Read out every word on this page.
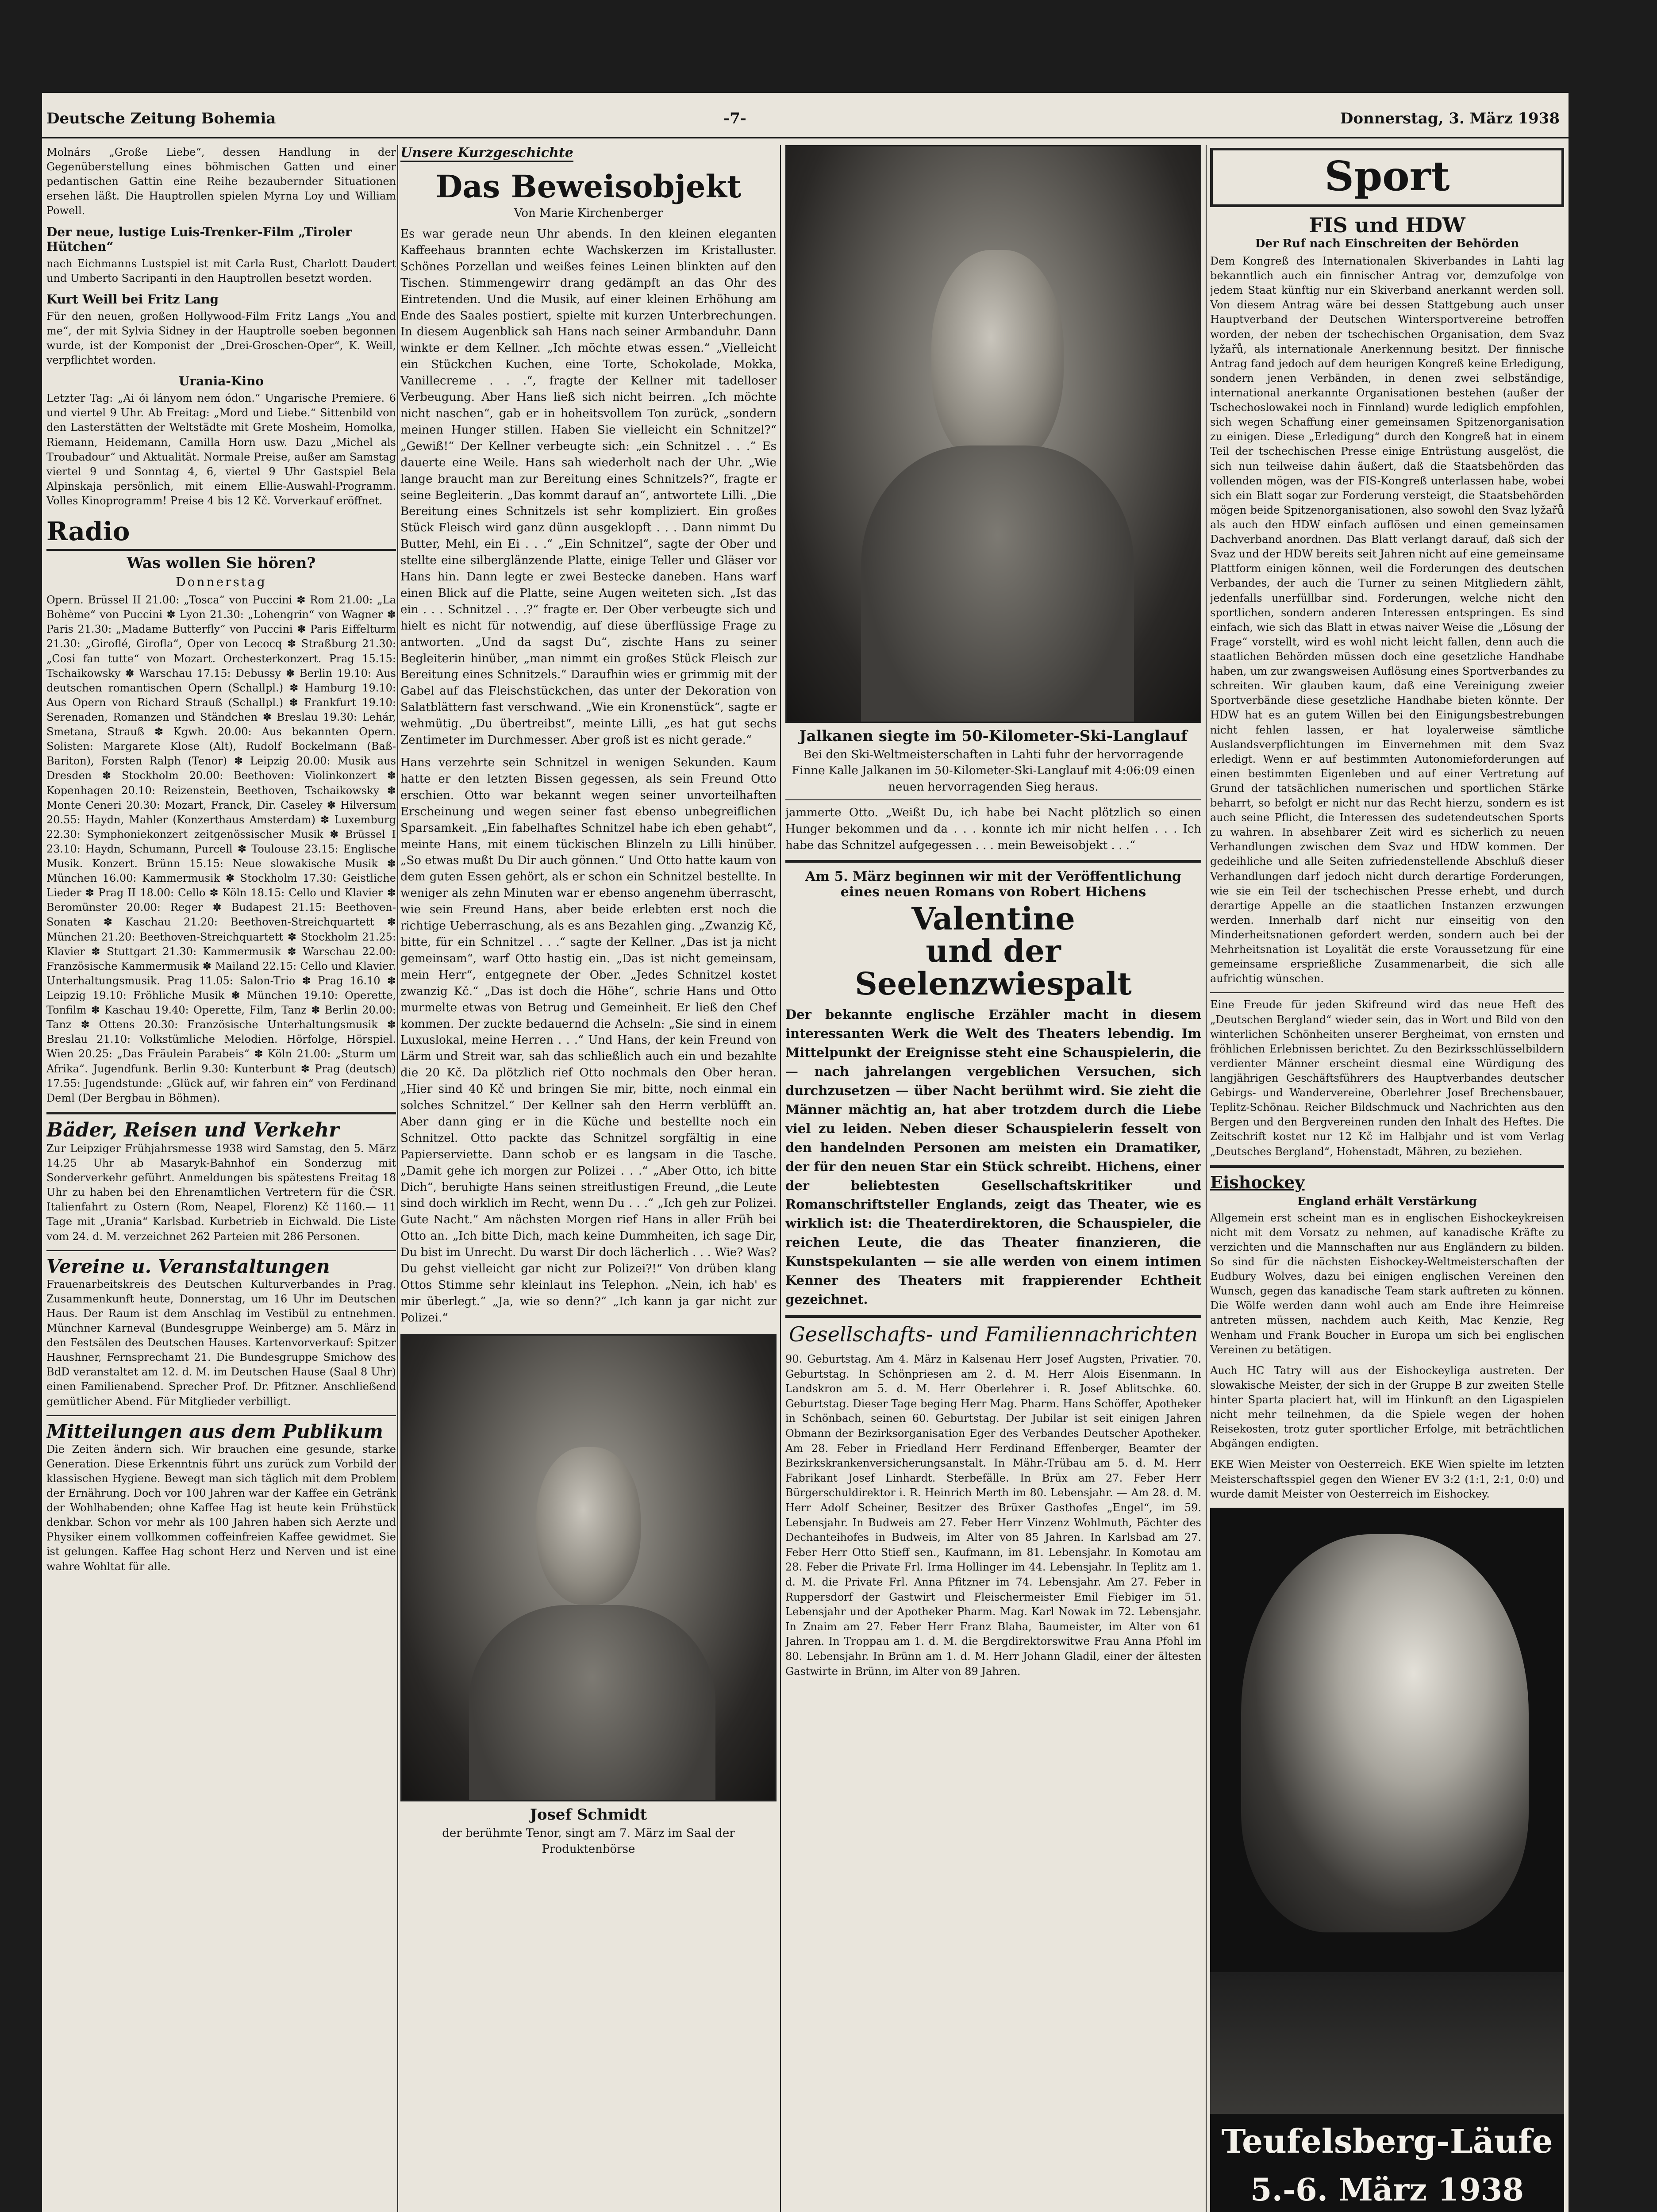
Deutsche Zeitung Bohemia	-7-	Donnerstag, 3. März 1938

Molnárs „Große Liebe“, dessen Handlung in der Gegenüberstellung eines böhmischen Gatten und einer pedantischen Gattin eine Reihe bezaubernder Situationen ersehen läßt. Die Hauptrollen spielen Myrna Loy und William Powell.

Der neue, lustige Luis-Trenker-Film „Tiroler Hütchen“

nach Eichmanns Lustspiel ist mit Carla Rust, Charlott Daudert und Umberto Sacripanti in den Hauptrollen besetzt worden.

Kurt Weill bei Fritz Lang

Für den neuen, großen Hollywood-Film Fritz Langs „You and me“, der mit Sylvia Sidney in der Hauptrolle soeben begonnen wurde, ist der Komponist der „Drei-Groschen-Oper“, K. Weill, verpflichtet worden.

Urania-Kino

Letzter Tag: „Ai ói lányom nem ódon.“ Ungarische Premiere. 6 und viertel 9 Uhr. Ab Freitag: „Mord und Liebe.“ Sittenbild von den Lasterstätten der Weltstädte mit Grete Mosheim, Homolka, Riemann, Heidemann, Camilla Horn usw. Dazu „Michel als Troubadour“ und Aktualität. Normale Preise, außer am Samstag viertel 9 und Sonntag 4, 6, viertel 9 Uhr Gastspiel Bela Alpinskaja persönlich, mit einem Ellie-Auswahl-Programm. Volles Kinoprogramm! Preise 4 bis 12 Kč. Vorverkauf eröffnet.

Radio
Was wollen Sie hören?
Donnerstag

Opern. Brüssel II 21.00: „Tosca“ von Puccini ✽ Rom 21.00: „La Bohème“ von Puccini ✽ Lyon 21.30: „Lohengrin“ von Wagner ✽ Paris 21.30: „Madame Butterfly“ von Puccini ✽ Paris Eiffelturm 21.30: „Giroflé, Girofla“, Oper von Lecocq ✽ Straßburg 21.30: „Cosi fan tutte“ von Mozart. Orchesterkonzert. Prag 15.15: Tschaikowsky ✽ Warschau 17.15: Debussy ✽ Berlin 19.10: Aus deutschen romantischen Opern (Schallpl.) ✽ Hamburg 19.10: Aus Opern von Richard Strauß (Schallpl.) ✽ Frankfurt 19.10: Serenaden, Romanzen und Ständchen ✽ Breslau 19.30: Lehár, Smetana, Strauß ✽ Kgwh. 20.00: Aus bekannten Opern. Solisten: Margarete Klose (Alt), Rudolf Bockelmann (Baß-Bariton), Forsten Ralph (Tenor) ✽ Leipzig 20.00: Musik aus Dresden ✽ Stockholm 20.00: Beethoven: Violinkonzert ✽ Kopenhagen 20.10: Reizenstein, Beethoven, Tschaikowsky ✽ Monte Ceneri 20.30: Mozart, Franck, Dir. Caseley ✽ Hilversum 20.55: Haydn, Mahler (Konzerthaus Amsterdam) ✽ Luxemburg 22.30: Symphoniekonzert zeitgenössischer Musik ✽ Brüssel I 23.10: Haydn, Schumann, Purcell ✽ Toulouse 23.15: Englische Musik. Konzert. Brünn 15.15: Neue slowakische Musik ✽ München 16.00: Kammermusik ✽ Stockholm 17.30: Geistliche Lieder ✽ Prag II 18.00: Cello ✽ Köln 18.15: Cello und Klavier ✽ Beromünster 20.00: Reger ✽ Budapest 21.15: Beethoven-Sonaten ✽ Kaschau 21.20: Beethoven-Streichquartett ✽ München 21.20: Beethoven-Streichquartett ✽ Stockholm 21.25: Klavier ✽ Stuttgart 21.30: Kammermusik ✽ Warschau 22.00: Französische Kammermusik ✽ Mailand 22.15: Cello und Klavier. Unterhaltungsmusik. Prag 11.05: Salon-Trio ✽ Prag 16.10 ✽ Leipzig 19.10: Fröhliche Musik ✽ München 19.10: Operette, Tonfilm ✽ Kaschau 19.40: Operette, Film, Tanz ✽ Berlin 20.00: Tanz ✽ Ottens 20.30: Französische Unterhaltungsmusik ✽ Breslau 21.10: Volkstümliche Melodien. Hörfolge, Hörspiel. Wien 20.25: „Das Fräulein Parabeis“ ✽ Köln 21.00: „Sturm um Afrika“. Jugendfunk. Berlin 9.30: Kunterbunt ✽ Prag (deutsch) 17.55: Jugendstunde: „Glück auf, wir fahren ein“ von Ferdinand Deml (Der Bergbau in Böhmen).

Bäder, Reisen und Verkehr

Zur Leipziger Frühjahrsmesse 1938 wird Samstag, den 5. März 14.25 Uhr ab Masaryk-Bahnhof ein Sonderzug mit Sonderverkehr geführt. Anmeldungen bis spätestens Freitag 18 Uhr zu haben bei den Ehrenamtlichen Vertretern für die ČSR. Italienfahrt zu Ostern (Rom, Neapel, Florenz) Kč 1160.— 11 Tage mit „Urania“ Karlsbad. Kurbetrieb in Eichwald. Die Liste vom 24. d. M. verzeichnet 262 Parteien mit 286 Personen.

Vereine u. Veranstaltungen

Frauenarbeitskreis des Deutschen Kulturverbandes in Prag. Zusammenkunft heute, Donnerstag, um 16 Uhr im Deutschen Haus. Der Raum ist dem Anschlag im Vestibül zu entnehmen. Münchner Karneval (Bundesgruppe Weinberge) am 5. März in den Festsälen des Deutschen Hauses. Kartenvorverkauf: Spitzer Haushner, Fernsprechamt 21. Die Bundesgruppe Smichow des BdD veranstaltet am 12. d. M. im Deutschen Hause (Saal 8 Uhr) einen Familienabend. Sprecher Prof. Dr. Pfitzner. Anschließend gemütlicher Abend. Für Mitglieder verbilligt.

Mitteilungen aus dem Publikum

Die Zeiten ändern sich. Wir brauchen eine gesunde, starke Generation. Diese Erkenntnis führt uns zurück zum Vorbild der klassischen Hygiene. Bewegt man sich täglich mit dem Problem der Ernährung. Doch vor 100 Jahren war der Kaffee ein Getränk der Wohlhabenden; ohne Kaffee Hag ist heute kein Frühstück denkbar. Schon vor mehr als 100 Jahren haben sich Aerzte und Physiker einem vollkommen coffeinfreien Kaffee gewidmet. Sie ist gelungen. Kaffee Hag schont Herz und Nerven und ist eine wahre Wohltat für alle.

Unsere Kurzgeschichte
Das Beweisobjekt
Von Marie Kirchenberger

Es war gerade neun Uhr abends. In den kleinen eleganten Kaffeehaus brannten echte Wachskerzen im Kristalluster. Schönes Porzellan und weißes feines Leinen blinkten auf den Tischen. Stimmengewirr drang gedämpft an das Ohr des Eintretenden. Und die Musik, auf einer kleinen Erhöhung am Ende des Saales postiert, spielte mit kurzen Unterbrechungen. In diesem Augenblick sah Hans nach seiner Armbanduhr. Dann winkte er dem Kellner. „Ich möchte etwas essen.“ „Vielleicht ein Stückchen Kuchen, eine Torte, Schokolade, Mokka, Vanillecreme . . .“, fragte der Kellner mit tadelloser Verbeugung. Aber Hans ließ sich nicht beirren. „Ich möchte nicht naschen“, gab er in hoheitsvollem Ton zurück, „sondern meinen Hunger stillen. Haben Sie vielleicht ein Schnitzel?“ „Gewiß!“ Der Kellner verbeugte sich: „ein Schnitzel . . .“ Es dauerte eine Weile. Hans sah wiederholt nach der Uhr. „Wie lange braucht man zur Bereitung eines Schnitzels?“, fragte er seine Begleiterin. „Das kommt darauf an“, antwortete Lilli. „Die Bereitung eines Schnitzels ist sehr kompliziert. Ein großes Stück Fleisch wird ganz dünn ausgeklopft . . . Dann nimmt Du Butter, Mehl, ein Ei . . .“ „Ein Schnitzel“, sagte der Ober und stellte eine silberglänzende Platte, einige Teller und Gläser vor Hans hin. Dann legte er zwei Bestecke daneben. Hans warf einen Blick auf die Platte, seine Augen weiteten sich. „Ist das ein . . . Schnitzel . . .?“ fragte er. Der Ober verbeugte sich und hielt es nicht für notwendig, auf diese überflüssige Frage zu antworten. „Und da sagst Du“, zischte Hans zu seiner Begleiterin hinüber, „man nimmt ein großes Stück Fleisch zur Bereitung eines Schnitzels.“ Daraufhin wies er grimmig mit der Gabel auf das Fleischstückchen, das unter der Dekoration von Salatblättern fast verschwand. „Wie ein Kronenstück“, sagte er wehmütig. „Du übertreibst“, meinte Lilli, „es hat gut sechs Zentimeter im Durchmesser. Aber groß ist es nicht gerade.“

Hans verzehrte sein Schnitzel in wenigen Sekunden. Kaum hatte er den letzten Bissen gegessen, als sein Freund Otto erschien. Otto war bekannt wegen seiner unvorteilhaften Erscheinung und wegen seiner fast ebenso unbegreiflichen Sparsamkeit. „Ein fabelhaftes Schnitzel habe ich eben gehabt“, meinte Hans, mit einem tückischen Blinzeln zu Lilli hinüber. „So etwas mußt Du Dir auch gönnen.“ Und Otto hatte kaum von dem guten Essen gehört, als er schon ein Schnitzel bestellte. In weniger als zehn Minuten war er ebenso angenehm überrascht, wie sein Freund Hans, aber beide erlebten erst noch die richtige Ueberraschung, als es ans Bezahlen ging. „Zwanzig Kč, bitte, für ein Schnitzel . . .“ sagte der Kellner. „Das ist ja nicht gemeinsam“, warf Otto hastig ein. „Das ist nicht gemeinsam, mein Herr“, entgegnete der Ober. „Jedes Schnitzel kostet zwanzig Kč.“ „Das ist doch die Höhe“, schrie Hans und Otto murmelte etwas von Betrug und Gemeinheit. Er ließ den Chef kommen. Der zuckte bedauernd die Achseln: „Sie sind in einem Luxuslokal, meine Herren . . .“ Und Hans, der kein Freund von Lärm und Streit war, sah das schließlich auch ein und bezahlte die 20 Kč. Da plötzlich rief Otto nochmals den Ober heran. „Hier sind 40 Kč und bringen Sie mir, bitte, noch einmal ein solches Schnitzel.“ Der Kellner sah den Herrn verblüfft an. Aber dann ging er in die Küche und bestellte noch ein Schnitzel. Otto packte das Schnitzel sorgfältig in eine Papierserviette. Dann schob er es langsam in die Tasche. „Damit gehe ich morgen zur Polizei . . .“ „Aber Otto, ich bitte Dich“, beruhigte Hans seinen streitlustigen Freund, „die Leute sind doch wirklich im Recht, wenn Du . . .“ „Ich geh zur Polizei. Gute Nacht.“ Am nächsten Morgen rief Hans in aller Früh bei Otto an. „Ich bitte Dich, mach keine Dummheiten, ich sage Dir, Du bist im Unrecht. Du warst Dir doch lächerlich . . . Wie? Was? Du gehst vielleicht gar nicht zur Polizei?!“ Von drüben klang Ottos Stimme sehr kleinlaut ins Telephon. „Nein, ich hab' es mir überlegt.“ „Ja, wie so denn?“ „Ich kann ja gar nicht zur Polizei.“

Josef Schmidt
der berühmte Tenor, singt am 7. März im Saal der Produktenbörse
Jalkanen siegte im 50-Kilometer-Ski-Langlauf
Bei den Ski-Weltmeisterschaften in Lahti fuhr der hervorragende Finne Kalle Jalkanen im 50-Kilometer-Ski-Langlauf mit 4:06:09 einen neuen hervorragenden Sieg heraus.

jammerte Otto. „Weißt Du, ich habe bei Nacht plötzlich so einen Hunger bekommen und da . . . konnte ich mir nicht helfen . . . Ich habe das Schnitzel aufgegessen . . . mein Beweisobjekt . . .“

Am 5. März beginnen wir mit der Veröffentlichung eines neuen Romans von Robert Hichens
Valentine
und der Seelenzwiespalt

Der bekannte englische Erzähler macht in diesem interessanten Werk die Welt des Theaters lebendig. Im Mittelpunkt der Ereignisse steht eine Schauspielerin, die — nach jahrelangen vergeblichen Versuchen, sich durchzusetzen — über Nacht berühmt wird. Sie zieht die Männer mächtig an, hat aber trotzdem durch die Liebe viel zu leiden. Neben dieser Schauspielerin fesselt von den handelnden Personen am meisten ein Dramatiker, der für den neuen Star ein Stück schreibt. Hichens, einer der beliebtesten Gesellschaftskritiker und Romanschriftsteller Englands, zeigt das Theater, wie es wirklich ist: die Theaterdirektoren, die Schauspieler, die reichen Leute, die das Theater finanzieren, die Kunstspekulanten — sie alle werden von einem intimen Kenner des Theaters mit frappierender Echtheit gezeichnet.

Gesellschafts- und Familiennachrichten

90. Geburtstag. Am 4. März in Kalsenau Herr Josef Augsten, Privatier. 70. Geburtstag. In Schönpriesen am 2. d. M. Herr Alois Eisenmann. In Landskron am 5. d. M. Herr Oberlehrer i. R. Josef Ablitschke. 60. Geburtstag. Dieser Tage beging Herr Mag. Pharm. Hans Schöffer, Apotheker in Schönbach, seinen 60. Geburtstag. Der Jubilar ist seit einigen Jahren Obmann der Bezirksorganisation Eger des Verbandes Deutscher Apotheker. Am 28. Feber in Friedland Herr Ferdinand Effenberger, Beamter der Bezirkskrankenversicherungsanstalt. In Mähr.-Trübau am 5. d. M. Herr Fabrikant Josef Linhardt. Sterbefälle. In Brüx am 27. Feber Herr Bürgerschuldirektor i. R. Heinrich Merth im 80. Lebensjahr. — Am 28. d. M. Herr Adolf Scheiner, Besitzer des Brüxer Gasthofes „Engel“, im 59. Lebensjahr. In Budweis am 27. Feber Herr Vinzenz Wohlmuth, Pächter des Dechanteihofes in Budweis, im Alter von 85 Jahren. In Karlsbad am 27. Feber Herr Otto Stieff sen., Kaufmann, im 81. Lebensjahr. In Komotau am 28. Feber die Private Frl. Irma Hollinger im 44. Lebensjahr. In Teplitz am 1. d. M. die Private Frl. Anna Pfitzner im 74. Lebensjahr. Am 27. Feber in Ruppersdorf der Gastwirt und Fleischermeister Emil Fiebiger im 51. Lebensjahr und der Apotheker Pharm. Mag. Karl Nowak im 72. Lebensjahr. In Znaim am 27. Feber Herr Franz Blaha, Baumeister, im Alter von 61 Jahren. In Troppau am 1. d. M. die Bergdirektorswitwe Frau Anna Pfohl im 80. Lebensjahr. In Brünn am 1. d. M. Herr Johann Gladil, einer der ältesten Gastwirte in Brünn, im Alter von 89 Jahren.

Sport
FIS und HDW
Der Ruf nach Einschreiten der Behörden

Dem Kongreß des Internationalen Skiverbandes in Lahti lag bekanntlich auch ein finnischer Antrag vor, demzufolge von jedem Staat künftig nur ein Skiverband anerkannt werden soll. Von diesem Antrag wäre bei dessen Stattgebung auch unser Hauptverband der Deutschen Wintersportvereine betroffen worden, der neben der tschechischen Organisation, dem Svaz lyžařů, als internationale Anerkennung besitzt. Der finnische Antrag fand jedoch auf dem heurigen Kongreß keine Erledigung, sondern jenen Verbänden, in denen zwei selbständige, international anerkannte Organisationen bestehen (außer der Tschechoslowakei noch in Finnland) wurde lediglich empfohlen, sich wegen Schaffung einer gemeinsamen Spitzenorganisation zu einigen. Diese „Erledigung“ durch den Kongreß hat in einem Teil der tschechischen Presse einige Entrüstung ausgelöst, die sich nun teilweise dahin äußert, daß die Staatsbehörden das vollenden mögen, was der FIS-Kongreß unterlassen habe, wobei sich ein Blatt sogar zur Forderung versteigt, die Staatsbehörden mögen beide Spitzenorganisationen, also sowohl den Svaz lyžařů als auch den HDW einfach auflösen und einen gemeinsamen Dachverband anordnen. Das Blatt verlangt darauf, daß sich der Svaz und der HDW bereits seit Jahren nicht auf eine gemeinsame Plattform einigen können, weil die Forderungen des deutschen Verbandes, der auch die Turner zu seinen Mitgliedern zählt, jedenfalls unerfüllbar sind. Forderungen, welche nicht den sportlichen, sondern anderen Interessen entspringen. Es sind einfach, wie sich das Blatt in etwas naiver Weise die „Lösung der Frage“ vorstellt, wird es wohl nicht leicht fallen, denn auch die staatlichen Behörden müssen doch eine gesetzliche Handhabe haben, um zur zwangsweisen Auflösung eines Sportverbandes zu schreiten. Wir glauben kaum, daß eine Vereinigung zweier Sportverbände diese gesetzliche Handhabe bieten könnte. Der HDW hat es an gutem Willen bei den Einigungsbestrebungen nicht fehlen lassen, er hat loyalerweise sämtliche Auslandsverpflichtungen im Einvernehmen mit dem Svaz erledigt. Wenn er auf bestimmten Autonomieforderungen auf einen bestimmten Eigenleben und auf einer Vertretung auf Grund der tatsächlichen numerischen und sportlichen Stärke beharrt, so befolgt er nicht nur das Recht hierzu, sondern es ist auch seine Pflicht, die Interessen des sudetendeutschen Sports zu wahren. In absehbarer Zeit wird es sicherlich zu neuen Verhandlungen zwischen dem Svaz und HDW kommen. Der gedeihliche und alle Seiten zufriedenstellende Abschluß dieser Verhandlungen darf jedoch nicht durch derartige Forderungen, wie sie ein Teil der tschechischen Presse erhebt, und durch derartige Appelle an die staatlichen Instanzen erzwungen werden. Innerhalb darf nicht nur einseitig von den Minderheitsnationen gefordert werden, sondern auch bei der Mehrheitsnation ist Loyalität die erste Voraussetzung für eine gemeinsame ersprießliche Zusammenarbeit, die sich alle aufrichtig wünschen.

Eine Freude für jeden Skifreund wird das neue Heft des „Deutschen Bergland“ wieder sein, das in Wort und Bild von den winterlichen Schönheiten unserer Bergheimat, von ernsten und fröhlichen Erlebnissen berichtet. Zu den Bezirksschlüsselbildern verdienter Männer erscheint diesmal eine Würdigung des langjährigen Geschäftsführers des Hauptverbandes deutscher Gebirgs- und Wandervereine, Oberlehrer Josef Brechensbauer, Teplitz-Schönau. Reicher Bildschmuck und Nachrichten aus den Bergen und den Bergvereinen runden den Inhalt des Heftes. Die Zeitschrift kostet nur 12 Kč im Halbjahr und ist vom Verlag „Deutsches Bergland“, Hohenstadt, Mähren, zu beziehen.

Eishockey
England erhält Verstärkung

Allgemein erst scheint man es in englischen Eishockeykreisen nicht mit dem Vorsatz zu nehmen, auf kanadische Kräfte zu verzichten und die Mannschaften nur aus Engländern zu bilden. So sind für die nächsten Eishockey-Weltmeisterschaften der Eudbury Wolves, dazu bei einigen englischen Vereinen den Wunsch, gegen das kanadische Team stark auftreten zu können. Die Wölfe werden dann wohl auch am Ende ihre Heimreise antreten müssen, nachdem auch Keith, Mac Kenzie, Reg Wenham und Frank Boucher in Europa um sich bei englischen Vereinen zu betätigen.

Auch HC Tatry will aus der Eishockeyliga austreten. Der slowakische Meister, der sich in der Gruppe B zur zweiten Stelle hinter Sparta placiert hat, will im Hinkunft an den Ligaspielen nicht mehr teilnehmen, da die Spiele wegen der hohen Reisekosten, trotz guter sportlicher Erfolge, mit beträchtlichen Abgängen endigten.

EKE Wien Meister von Oesterreich. EKE Wien spielte im letzten Meisterschaftsspiel gegen den Wiener EV 3:2 (1:1, 2:1, 0:0) und wurde damit Meister von Oesterreich im Eishockey.

Teufelsberg-Läufe
5.-6. März 1938
